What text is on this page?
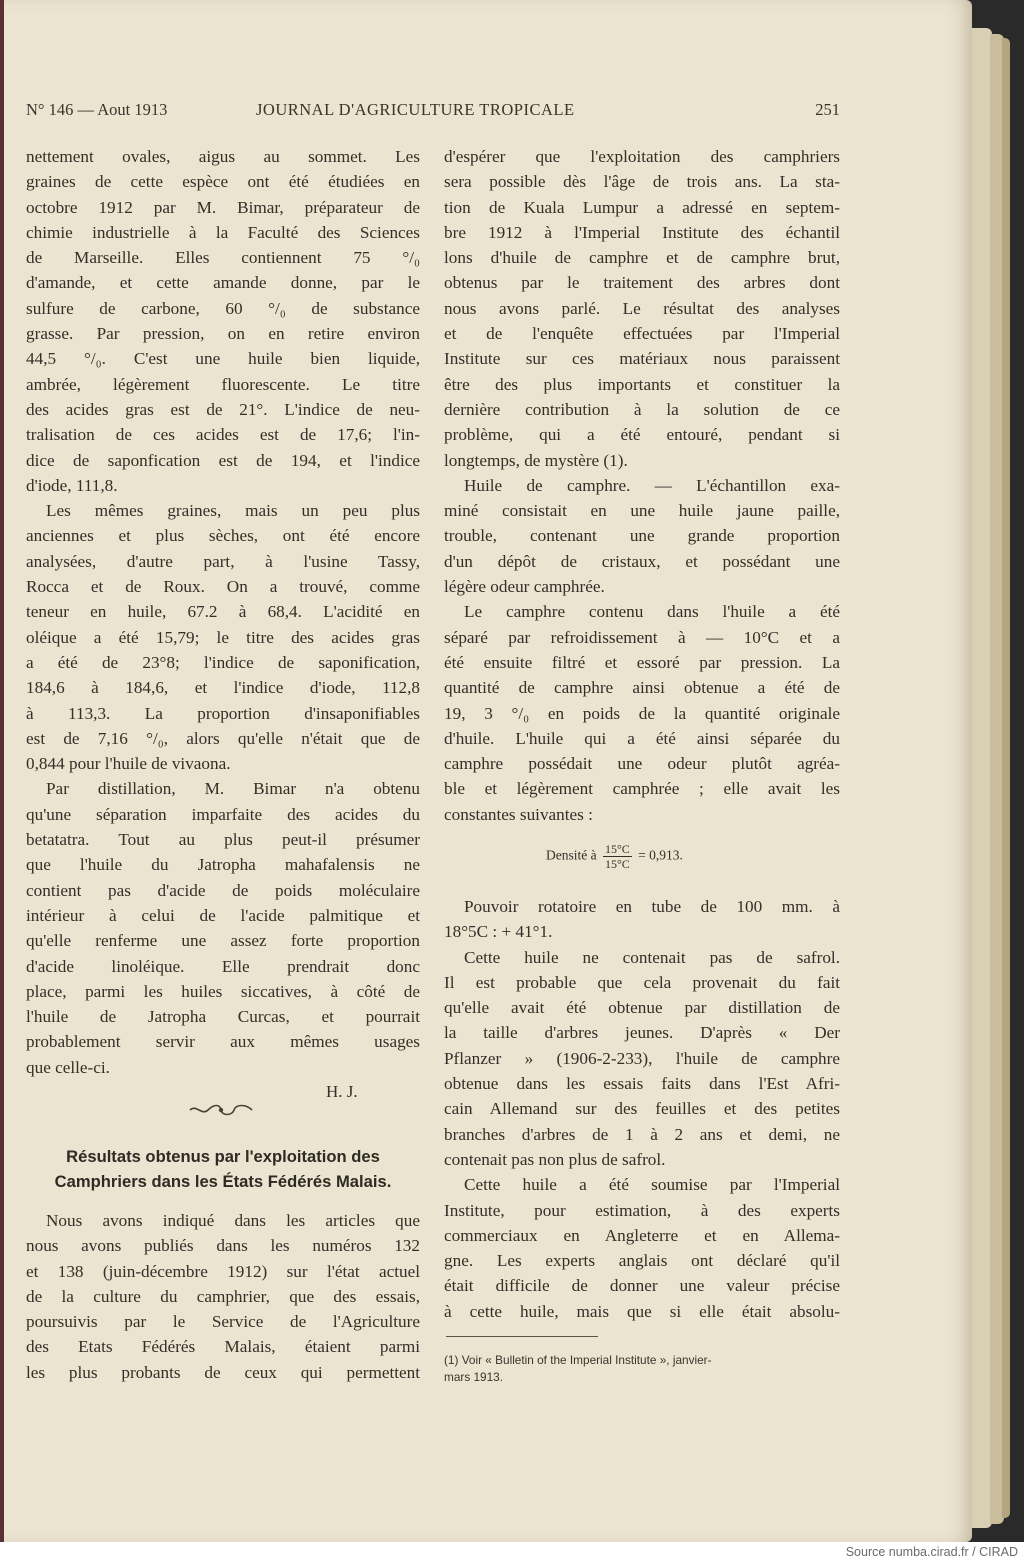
N° 146 — Aout 1913	JOURNAL D'AGRICULTURE TROPICALE	251
nettement ovales, aigus au sommet. Les
graines de cette espèce ont été étudiées en
octobre 1912 par M. Bimar, préparateur de
chimie industrielle à la Faculté des Sciences
de Marseille. Elles contiennent 75 °/₀
d'amande, et cette amande donne, par le
sulfure de carbone, 60 °/₀ de substance
grasse. Par pression, on en retire environ
44,5 °/₀. C'est une huile bien liquide,
ambrée, légèrement fluorescente. Le titre
des acides gras est de 21°. L'indice de neu-
tralisation de ces acides est de 17,6; l'in-
dice de saponfication est de 194, et l'indice
d'iode, 111,8.
Les mêmes graines, mais un peu plus
anciennes et plus sèches, ont été encore
analysées, d'autre part, à l'usine Tassy,
Rocca et de Roux. On a trouvé, comme
teneur en huile, 67.2 à 68,4. L'acidité en
oléique a été 15,79; le titre des acides gras
a été de 23°8; l'indice de saponification,
184,6 à 184,6, et l'indice d'iode, 112,8
à 113,3. La proportion d'insaponifiables
est de 7,16 °/₀, alors qu'elle n'était que de
0,844 pour l'huile de vivaona.
Par distillation, M. Bimar n'a obtenu
qu'une séparation imparfaite des acides du
betatatra. Tout au plus peut-il présumer
que l'huile du Jatropha mahafalensis ne
contient pas d'acide de poids moléculaire
intérieur à celui de l'acide palmitique et
qu'elle renferme une assez forte proportion
d'acide linoléique. Elle prendrait donc
place, parmi les huiles siccatives, à côté de
l'huile de Jatropha Curcas, et pourrait
probablement servir aux mêmes usages
que celle-ci.
H. J.
Résultats obtenus par l'exploitation des
Camphriers dans les États Fédérés Malais.
Nous avons indiqué dans les articles que
nous avons publiés dans les numéros 132
et 138 (juin-décembre 1912) sur l'état actuel
de la culture du camphrier, que des essais,
poursuivis par le Service de l'Agriculture
des Etats Fédérés Malais, étaient parmi
les plus probants de ceux qui permettent
d'espérer que l'exploitation des camphriers
sera possible dès l'âge de trois ans. La sta-
tion de Kuala Lumpur a adressé en septem-
bre 1912 à l'Imperial Institute des échantil
lons d'huile de camphre et de camphre brut,
obtenus par le traitement des arbres dont
nous avons parlé. Le résultat des analyses
et de l'enquête effectuées par l'Imperial
Institute sur ces matériaux nous paraissent
être des plus importants et constituer la
dernière contribution à la solution de ce
problème, qui a été entouré, pendant si
longtemps, de mystère (1).
Huile de camphre. — L'échantillon exa-
miné consistait en une huile jaune paille,
trouble, contenant une grande proportion
d'un dépôt de cristaux, et possédant une
légère odeur camphrée.
Le camphre contenu dans l'huile a été
séparé par refroidissement à — 10°C et a
été ensuite filtré et essoré par pression. La
quantité de camphre ainsi obtenue a été de
19, 3 °/₀ en poids de la quantité originale
d'huile. L'huile qui a été ainsi séparée du
camphre possédait une odeur plutôt agréa-
ble et légèrement camphrée ; elle avait les
constantes suivantes :
Densité à $\frac{15^\circ C}{15^\circ C} = 0,913$.
Pouvoir rotatoire en tube de 100 mm. à
18°5C : + 41°1.
Cette huile ne contenait pas de safrol.
Il est probable que cela provenait du fait
qu'elle avait été obtenue par distillation de
la taille d'arbres jeunes. D'après « Der
Pflanzer » (1906-2-233), l'huile de camphre
obtenue dans les essais faits dans l'Est Afri-
cain Allemand sur des feuilles et des petites
branches d'arbres de 1 à 2 ans et demi, ne
contenait pas non plus de safrol.
Cette huile a été soumise par l'Imperial
Institute, pour estimation, à des experts
commerciaux en Angleterre et en Allema-
gne. Les experts anglais ont déclaré qu'il
était difficile de donner une valeur précise
à cette huile, mais que si elle était absolu-
(1) Voir « Bulletin of the Imperial Institute », janvier-
mars 1913.
Source numba.cirad.fr / CIRAD
